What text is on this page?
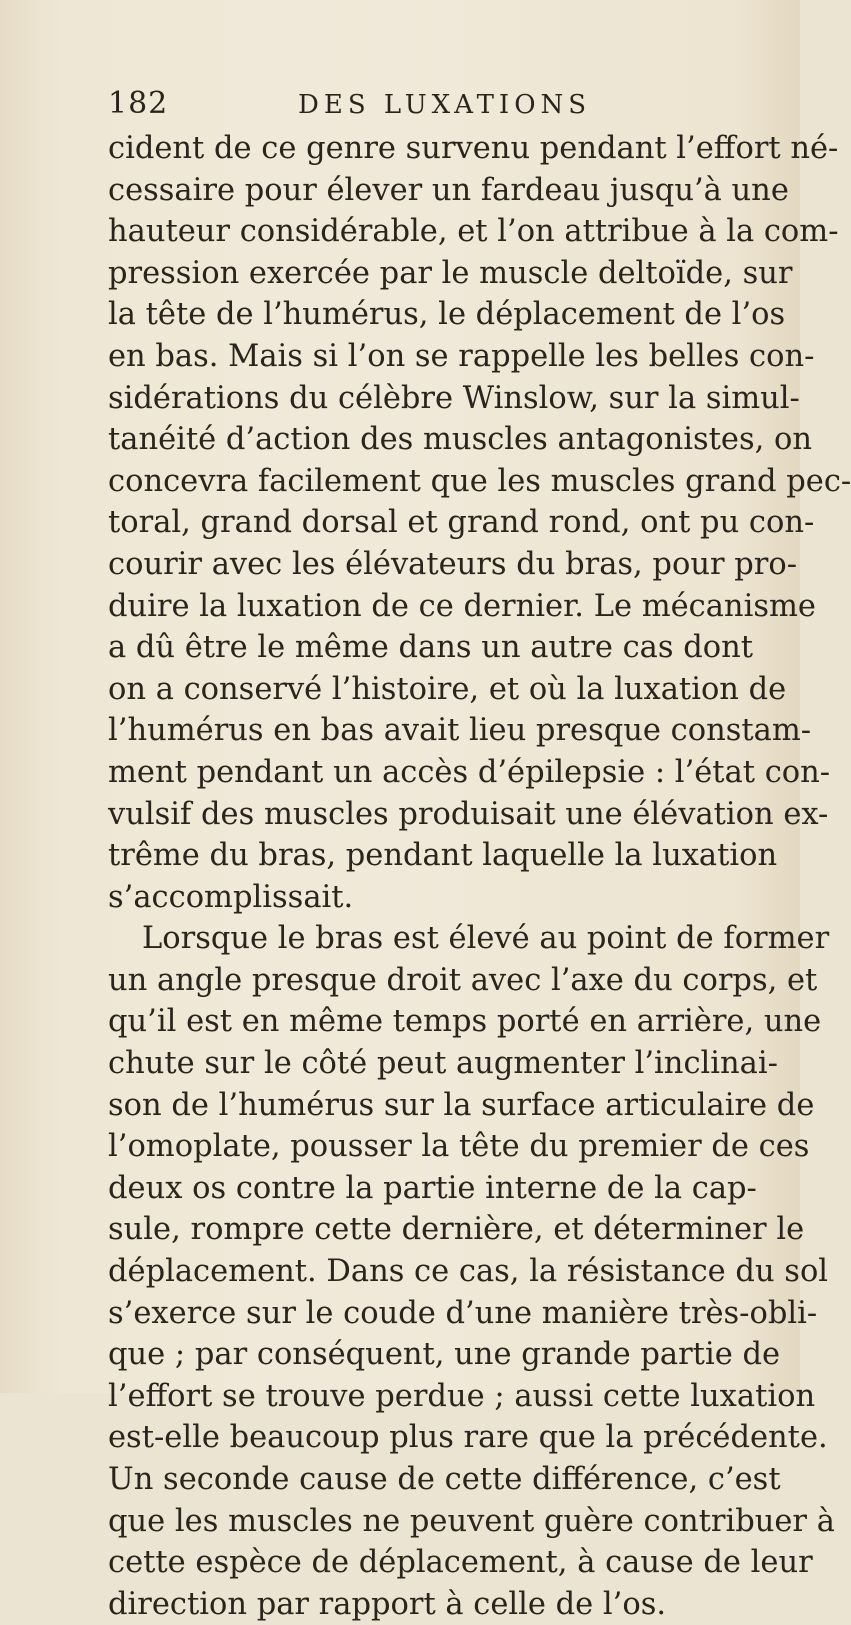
182	DES LUXATIONS
cident de ce genre survenu pendant l’effort né-
cessaire pour élever un fardeau jusqu’à une
hauteur considérable, et l’on attribue à la com-
pression exercée par le muscle deltoïde, sur
la tête de l’humérus, le déplacement de l’os
en bas. Mais si l’on se rappelle les belles con-
sidérations du célèbre Winslow, sur la simul-
tanéité d’action des muscles antagonistes, on
concevra facilement que les muscles grand pec-
toral, grand dorsal et grand rond, ont pu con-
courir avec les élévateurs du bras, pour pro-
duire la luxation de ce dernier. Le mécanisme
a dû être le même dans un autre cas dont
on a conservé l’histoire, et où la luxation de
l’humérus en bas avait lieu presque constam-
ment pendant un accès d’épilepsie : l’état con-
vulsif des muscles produisait une élévation ex-
trême du bras, pendant laquelle la luxation
s’accomplissait.
Lorsque le bras est élevé au point de former
un angle presque droit avec l’axe du corps, et
qu’il est en même temps porté en arrière, une
chute sur le côté peut augmenter l’inclinai-
son de l’humérus sur la surface articulaire de
l’omoplate, pousser la tête du premier de ces
deux os contre la partie interne de la cap-
sule, rompre cette dernière, et déterminer le
déplacement. Dans ce cas, la résistance du sol
s’exerce sur le coude d’une manière très-obli-
que ; par conséquent, une grande partie de
l’effort se trouve perdue ; aussi cette luxation
est-elle beaucoup plus rare que la précédente.
Un seconde cause de cette différence, c’est
que les muscles ne peuvent guère contribuer à
cette espèce de déplacement, à cause de leur
direction par rapport à celle de l’os.
